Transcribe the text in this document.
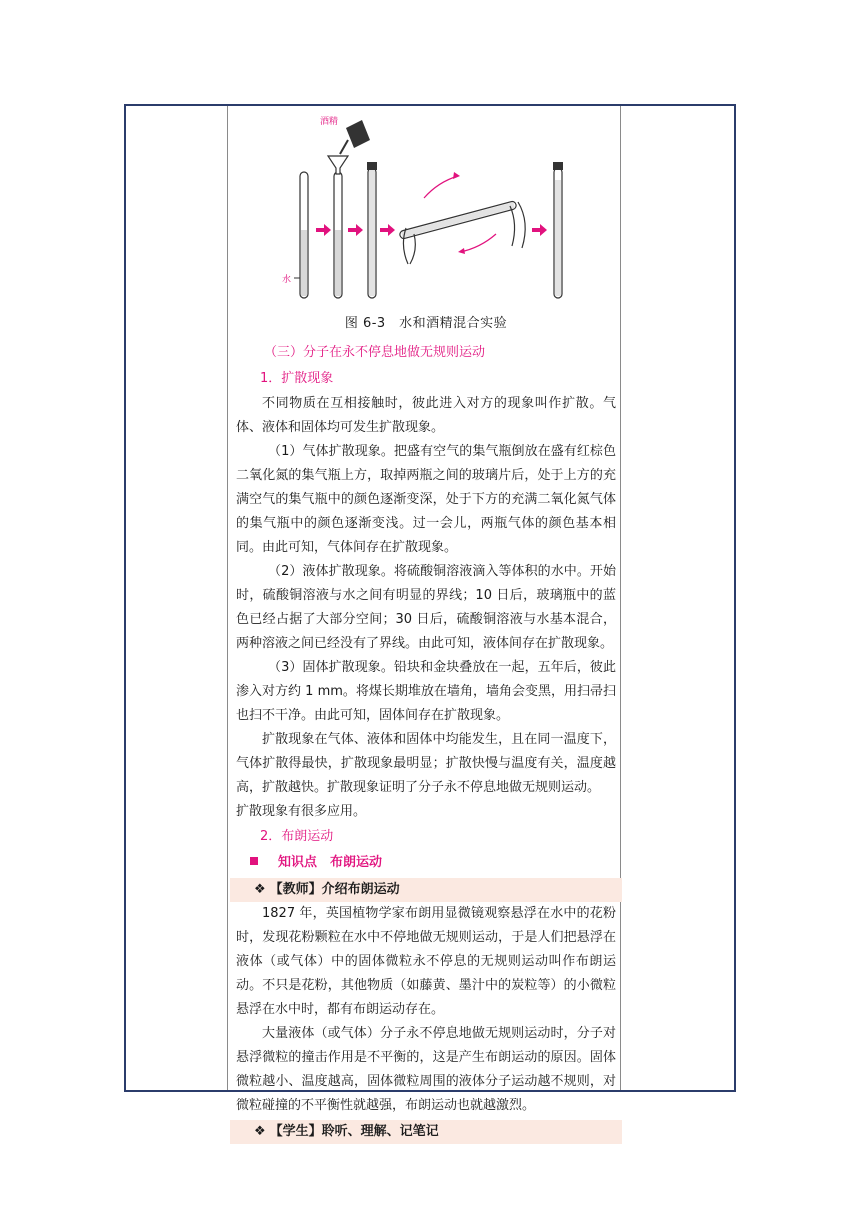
水
酒精
图 6-3　水和酒精混合实验
（三）分子在永不停息地做无规则运动
1．扩散现象

不同物质在互相接触时，彼此进入对方的现象叫作扩散。气体、液体和固体均可发生扩散现象。

（1）气体扩散现象。把盛有空气的集气瓶倒放在盛有红棕色二氧化氮的集气瓶上方，取掉两瓶之间的玻璃片后，处于上方的充满空气的集气瓶中的颜色逐渐变深，处于下方的充满二氧化氮气体的集气瓶中的颜色逐渐变浅。过一会儿，两瓶气体的颜色基本相同。由此可知，气体间存在扩散现象。

（2）液体扩散现象。将硫酸铜溶液滴入等体积的水中。开始时，硫酸铜溶液与水之间有明显的界线；10 日后，玻璃瓶中的蓝色已经占据了大部分空间；30 日后，硫酸铜溶液与水基本混合，两种溶液之间已经没有了界线。由此可知，液体间存在扩散现象。

（3）固体扩散现象。铅块和金块叠放在一起，五年后，彼此渗入对方约 1 mm。将煤长期堆放在墙角，墙角会变黑，用扫帚扫也扫不干净。由此可知，固体间存在扩散现象。

扩散现象在气体、液体和固体中均能发生，且在同一温度下，气体扩散得最快，扩散现象最明显；扩散快慢与温度有关，温度越高，扩散越快。扩散现象证明了分子永不停息地做无规则运动。

扩散现象有很多应用。

2．布朗运动
知识点　布朗运动
❖ 【教师】介绍布朗运动

1827 年，英国植物学家布朗用显微镜观察悬浮在水中的花粉时，发现花粉颗粒在水中不停地做无规则运动，于是人们把悬浮在液体（或气体）中的固体微粒永不停息的无规则运动叫作布朗运动。不只是花粉，其他物质（如藤黄、墨汁中的炭粒等）的小微粒悬浮在水中时，都有布朗运动存在。

大量液体（或气体）分子永不停息地做无规则运动时，分子对悬浮微粒的撞击作用是不平衡的，这是产生布朗运动的原因。固体微粒越小、温度越高，固体微粒周围的液体分子运动越不规则，对微粒碰撞的不平衡性就越强，布朗运动也就越激烈。

❖ 【学生】聆听、理解、记笔记
